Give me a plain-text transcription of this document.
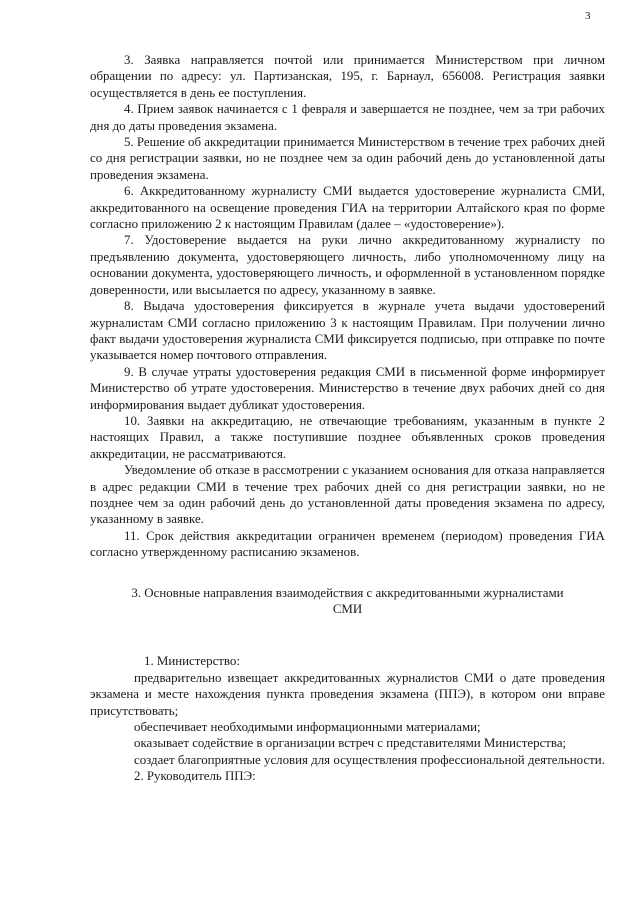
3

3. Заявка направляется почтой или принимается Министерством при личном обращении по адресу: ул. Партизанская, 195, г. Барнаул, 656008. Регистрация заявки осуществляется в день ее поступления.

4. Прием заявок начинается с 1 февраля и завершается не позднее, чем за три рабочих дня до даты проведения экзамена.

5. Решение об аккредитации принимается Министерством в течение трех рабочих дней со дня регистрации заявки, но не позднее чем за один рабочий день до установленной даты проведения экзамена.

6. Аккредитованному журналисту СМИ выдается удостоверение журналиста СМИ, аккредитованного на освещение проведения ГИА на территории Алтайского края по форме согласно приложению 2 к настоящим Правилам (далее – «удостоверение»).

7. Удостоверение выдается на руки лично аккредитованному журналисту по предъявлению документа, удостоверяющего личность, либо уполномоченному лицу на основании документа, удостоверяющего личность, и оформленной в установленном порядке доверенности, или высылается по адресу, указанному в заявке.

8. Выдача удостоверения фиксируется в журнале учета выдачи удостоверений журналистам СМИ согласно приложению 3 к настоящим Правилам. При получении лично факт выдачи удостоверения журналиста СМИ фиксируется подписью, при отправке по почте указывается номер почтового отправления.

9. В случае утраты удостоверения редакция СМИ в письменной форме информирует Министерство об утрате удостоверения. Министерство в течение двух рабочих дней со дня информирования выдает дубликат удостоверения.

10. Заявки на аккредитацию, не отвечающие требованиям, указанным в пункте 2 настоящих Правил, а также поступившие позднее объявленных сроков проведения аккредитации, не рассматриваются.

Уведомление об отказе в рассмотрении с указанием основания для отказа направляется в адрес редакции СМИ в течение трех рабочих дней со дня регистрации заявки, но не позднее чем за один рабочий день до установленной даты проведения экзамена по адресу, указанному в заявке.

11. Срок действия аккредитации ограничен временем (периодом) проведения ГИА согласно утвержденному расписанию экзаменов.

3. Основные направления взаимодействия с аккредитованными журналистами СМИ

1. Министерство:

предварительно извещает аккредитованных журналистов СМИ о дате проведения экзамена и месте нахождения пункта проведения экзамена (ППЭ), в котором они вправе присутствовать;

обеспечивает необходимыми информационными материалами;

оказывает содействие в организации встреч с представителями Министерства;

создает благоприятные условия для осуществления профессиональной деятельности.

2. Руководитель ППЭ:
